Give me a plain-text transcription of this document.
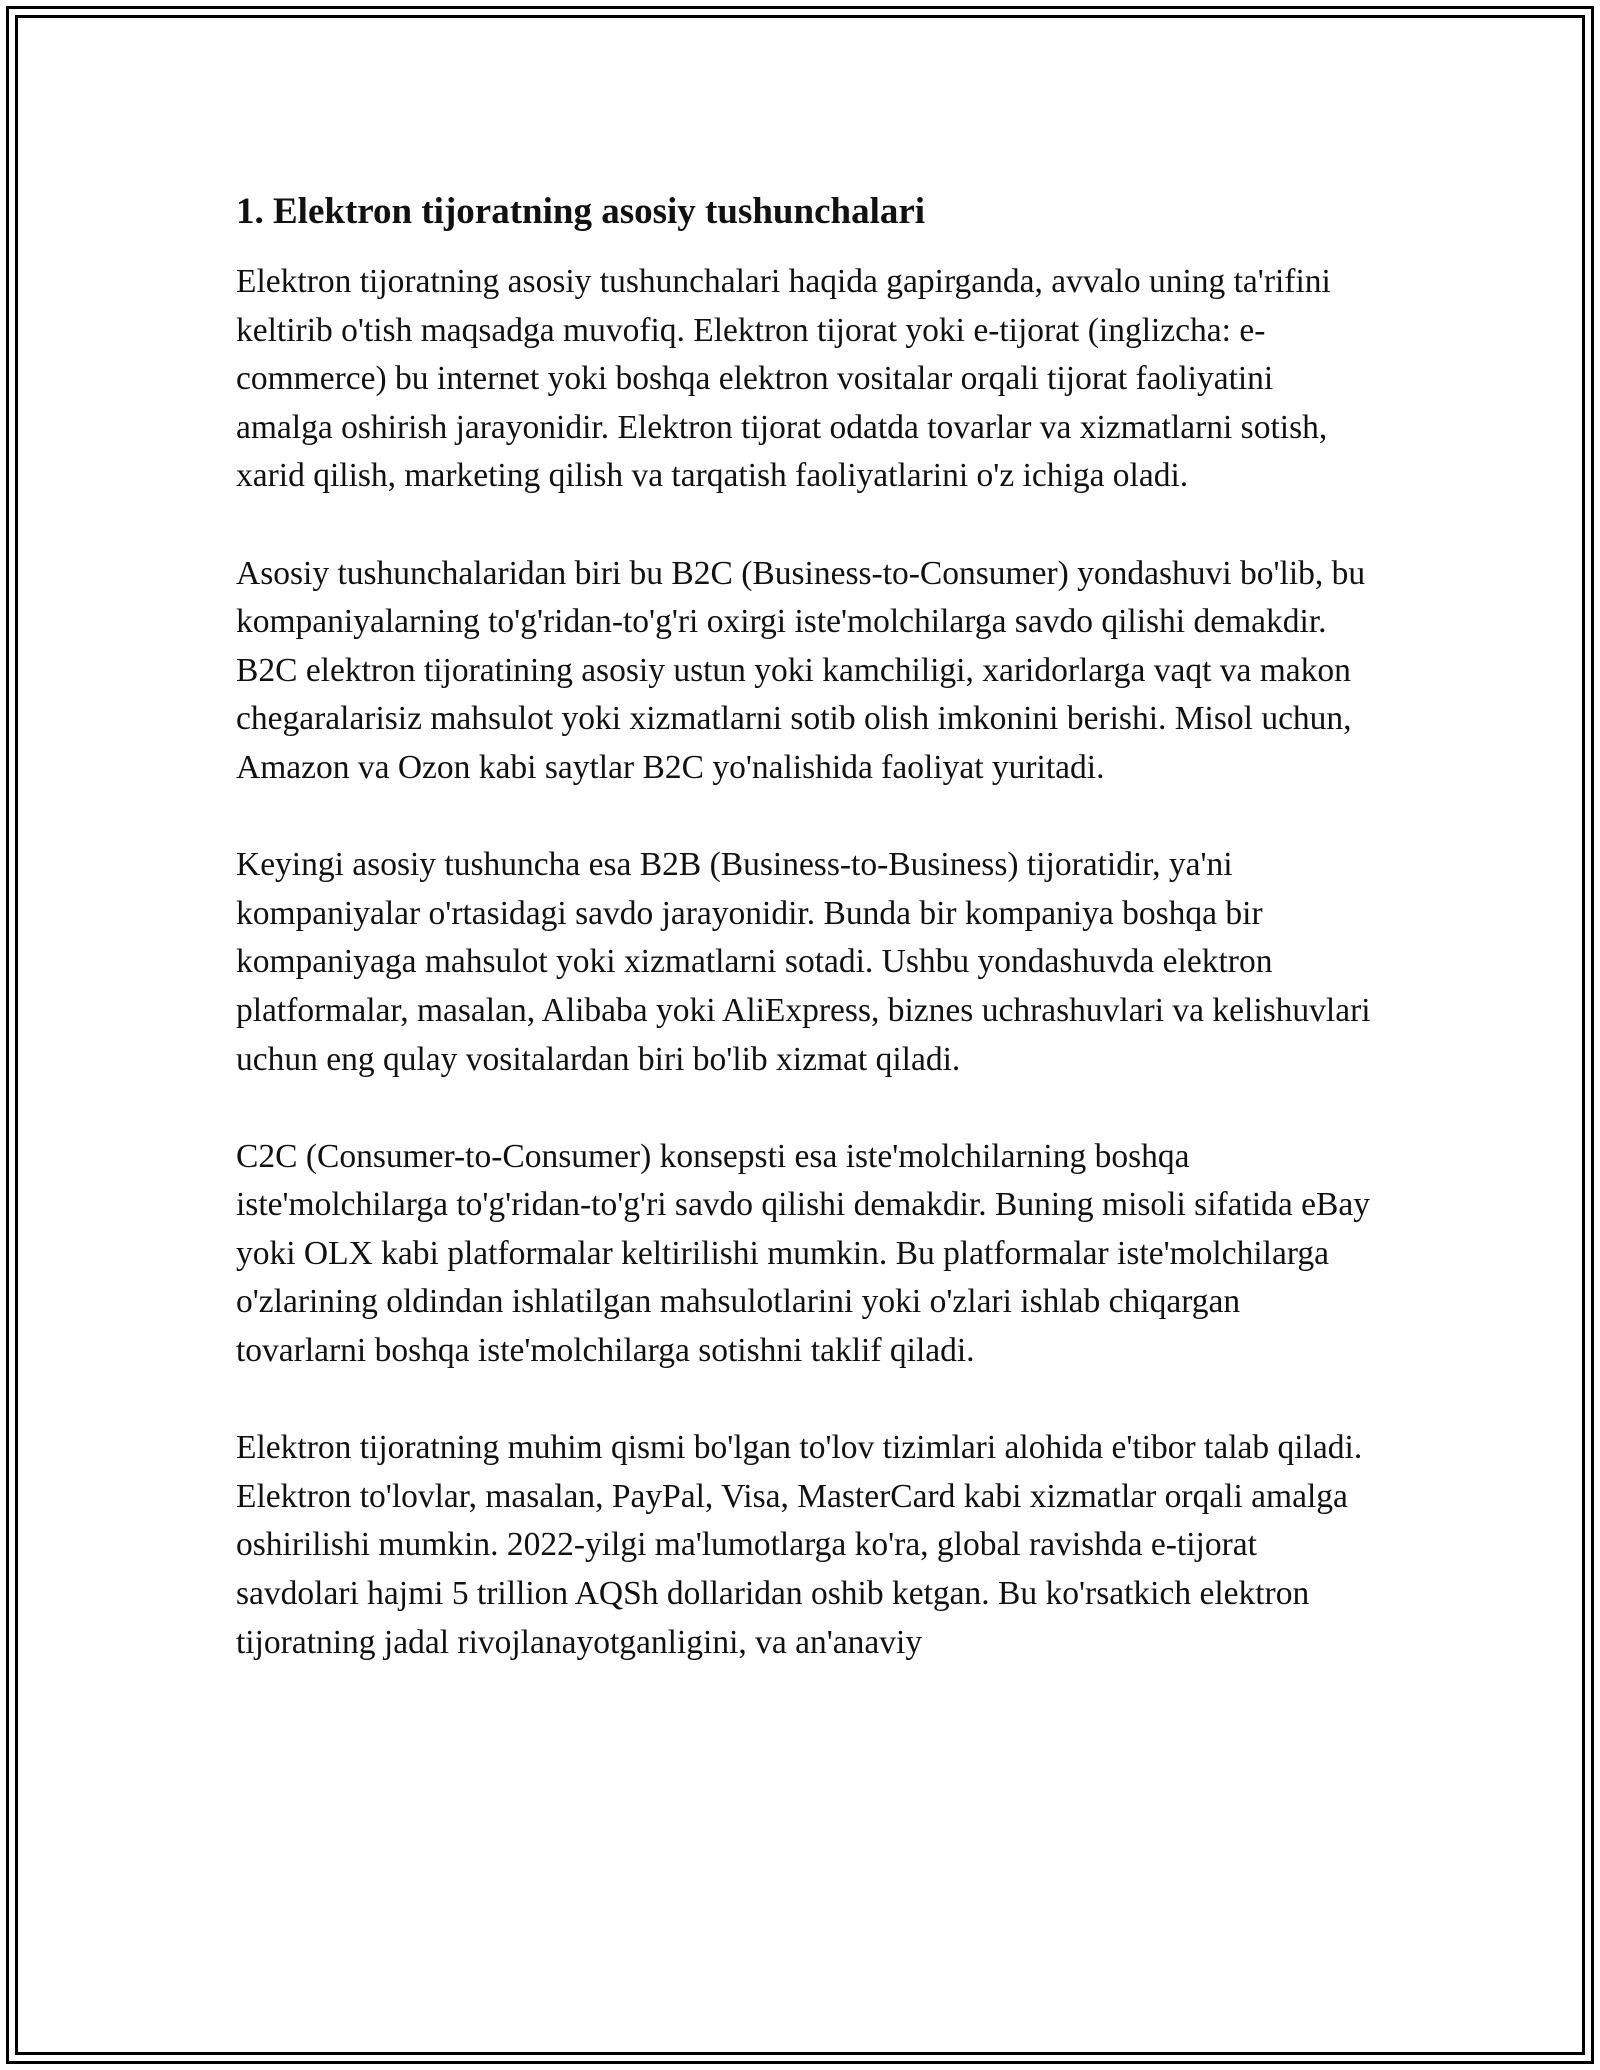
1. Elektron tijoratning asosiy tushunchalari

Elektron tijoratning asosiy tushunchalari haqida gapirganda, avvalo uning ta'rifini keltirib o'tish maqsadga muvofiq. Elektron tijorat yoki e-tijorat (inglizcha: e-commerce) bu internet yoki boshqa elektron vositalar orqali tijorat faoliyatini amalga oshirish jarayonidir. Elektron tijorat odatda tovarlar va xizmatlarni sotish, xarid qilish, marketing qilish va tarqatish faoliyatlarini o'z ichiga oladi.

Asosiy tushunchalaridan biri bu B2C (Business-to-Consumer) yondashuvi bo'lib, bu kompaniyalarning to'g'ridan-to'g'ri oxirgi iste'molchilarga savdo qilishi demakdir. B2C elektron tijoratining asosiy ustun yoki kamchiligi, xaridorlarga vaqt va makon chegaralarisiz mahsulot yoki xizmatlarni sotib olish imkonini berishi. Misol uchun, Amazon va Ozon kabi saytlar B2C yo'nalishida faoliyat yuritadi.

Keyingi asosiy tushuncha esa B2B (Business-to-Business) tijoratidir, ya'ni kompaniyalar o'rtasidagi savdo jarayonidir. Bunda bir kompaniya boshqa bir kompaniyaga mahsulot yoki xizmatlarni sotadi. Ushbu yondashuvda elektron platformalar, masalan, Alibaba yoki AliExpress, biznes uchrashuvlari va kelishuvlari uchun eng qulay vositalardan biri bo'lib xizmat qiladi.

C2C (Consumer-to-Consumer) konsepsti esa iste'molchilarning boshqa iste'molchilarga to'g'ridan-to'g'ri savdo qilishi demakdir. Buning misoli sifatida eBay yoki OLX kabi platformalar keltirilishi mumkin. Bu platformalar iste'molchilarga o'zlarining oldindan ishlatilgan mahsulotlarini yoki o'zlari ishlab chiqargan tovarlarni boshqa iste'molchilarga sotishni taklif qiladi.

Elektron tijoratning muhim qismi bo'lgan to'lov tizimlari alohida e'tibor talab qiladi. Elektron to'lovlar, masalan, PayPal, Visa, MasterCard kabi xizmatlar orqali amalga oshirilishi mumkin. 2022-yilgi ma'lumotlarga ko'ra, global ravishda e-tijorat savdolari hajmi 5 trillion AQSh dollaridan oshib ketgan. Bu ko'rsatkich elektron tijoratning jadal rivojlanayotganligini, va an'anaviy
